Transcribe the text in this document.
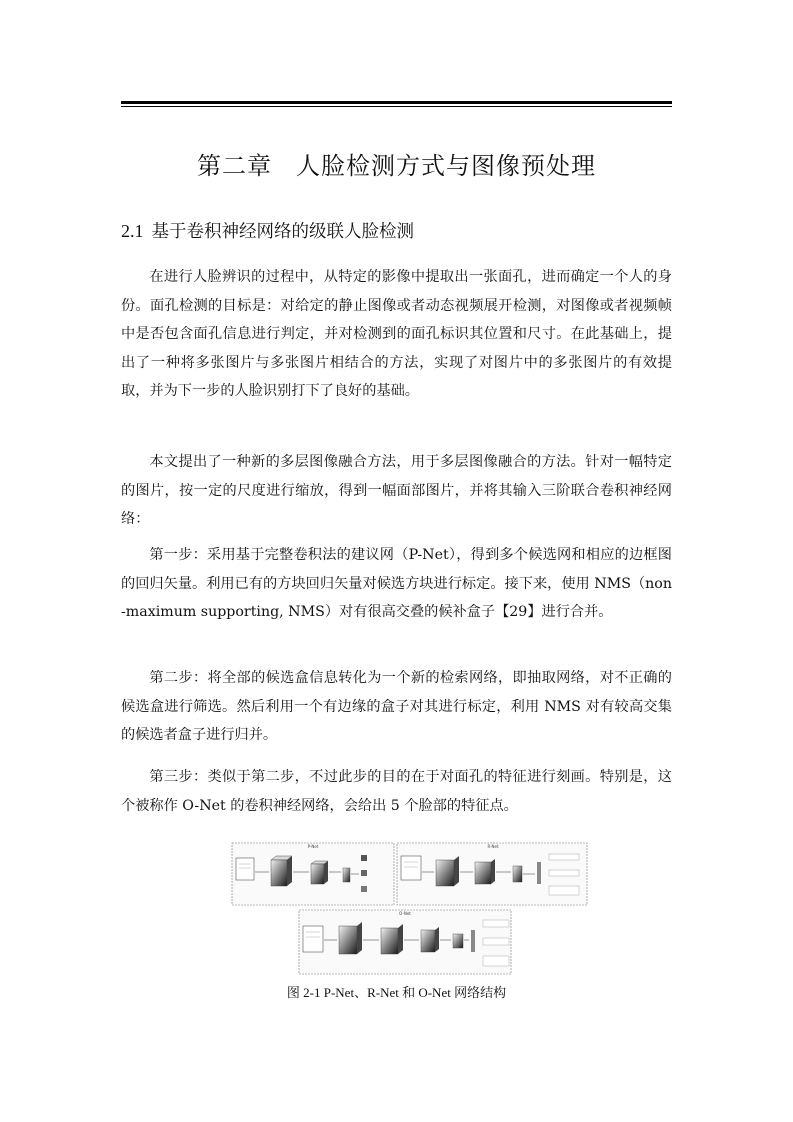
第二章 人脸检测方式与图像预处理
2.1 基于卷积神经网络的级联人脸检测

在进行人脸辨识的过程中，从特定的影像中提取出一张面孔，进而确定一个人的身份。面孔检测的目标是：对给定的静止图像或者动态视频展开检测，对图像或者视频帧中是否包含面孔信息进行判定，并对检测到的面孔标识其位置和尺寸。在此基础上，提出了一种将多张图片与多张图片相结合的方法，实现了对图片中的多张图片的有效提取，并为下一步的人脸识别打下了良好的基础。

本文提出了一种新的多层图像融合方法，用于多层图像融合的方法。针对一幅特定的图片，按一定的尺度进行缩放，得到一幅面部图片，并将其输入三阶联合卷积神经网络：

第一步：采用基于完整卷积法的建议网（P-Net），得到多个候选网和相应的边框图的回归矢量。利用已有的方块回归矢量对候选方块进行标定。接下来，使用 NMS（non-maximum supporting, NMS）对有很高交叠的候补盒子【29】进行合并。

第二步：将全部的候选盒信息转化为一个新的检索网络，即抽取网络，对不正确的候选盒进行筛选。然后利用一个有边缘的盒子对其进行标定，利用 NMS 对有较高交集的候选者盒子进行归并。

第三步：类似于第二步，不过此步的目的在于对面孔的特征进行刻画。特别是，这个被称作 O-Net 的卷积神经网络，会给出 5 个脸部的特征点。

P-Net	R-Net
O-Net
图 2-1 P-Net、R-Net 和 O-Net 网络结构
